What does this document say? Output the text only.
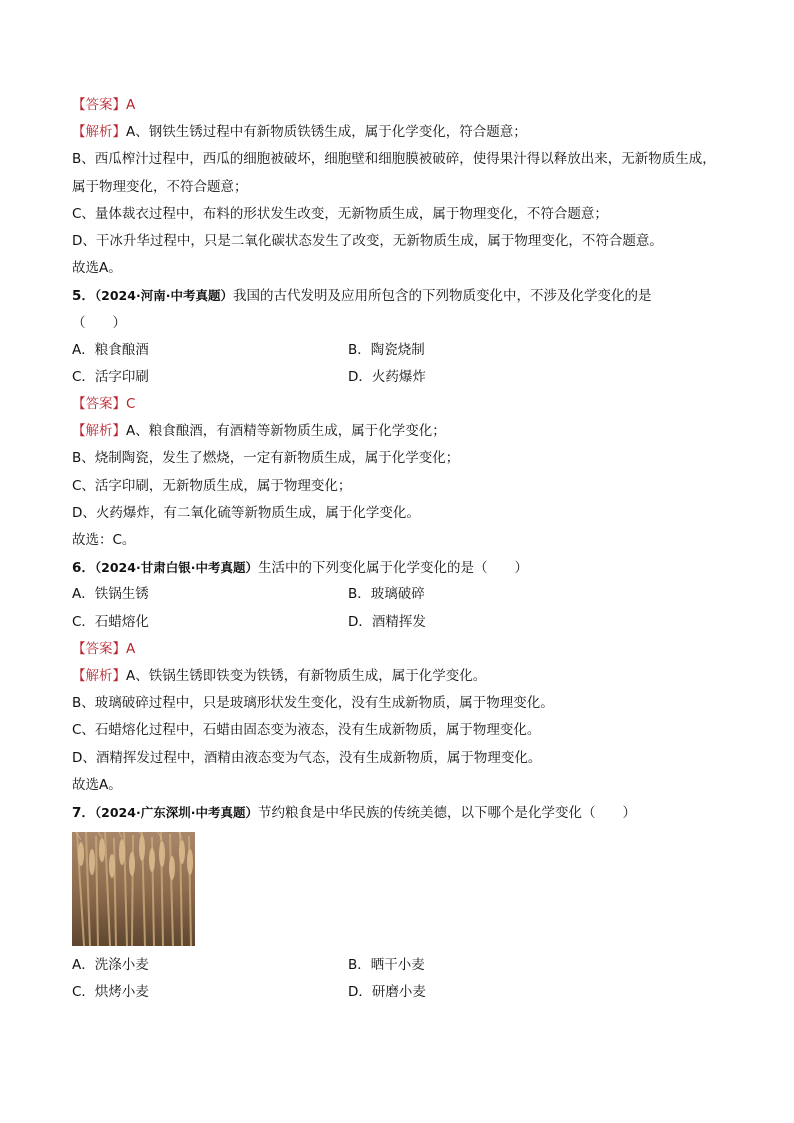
【答案】A
【解析】A、钢铁生锈过程中有新物质铁锈生成，属于化学变化，符合题意；
B、西瓜榨汁过程中，西瓜的细胞被破坏，细胞壁和细胞膜被破碎，使得果汁得以释放出来，无新物质生成，
属于物理变化，不符合题意；
C、量体裁衣过程中，布料的形状发生改变，无新物质生成，属于物理变化，不符合题意；
D、干冰升华过程中，只是二氧化碳状态发生了改变，无新物质生成，属于物理变化，不符合题意。
故选A。
5．（2024·河南·中考真题）我国的古代发明及应用所包含的下列物质变化中，不涉及化学变化的是
（　　）
A．粮食酿酒	B．陶瓷烧制
C．活字印刷	D．火药爆炸
【答案】C
【解析】A、粮食酿酒，有酒精等新物质生成，属于化学变化；
B、烧制陶瓷，发生了燃烧，一定有新物质生成，属于化学变化；
C、活字印刷，无新物质生成，属于物理变化；
D、火药爆炸，有二氧化硫等新物质生成，属于化学变化。
故选：C。
6．（2024·甘肃白银·中考真题）生活中的下列变化属于化学变化的是（　　）
A．铁锅生锈	B．玻璃破碎
C．石蜡熔化	D．酒精挥发
【答案】A
【解析】A、铁锅生锈即铁变为铁锈，有新物质生成，属于化学变化。
B、玻璃破碎过程中，只是玻璃形状发生变化，没有生成新物质，属于物理变化。
C、石蜡熔化过程中，石蜡由固态变为液态，没有生成新物质，属于物理变化。
D、酒精挥发过程中，酒精由液态变为气态，没有生成新物质，属于物理变化。
故选A。
7．（2024·广东深圳·中考真题）节约粮食是中华民族的传统美德，以下哪个是化学变化（　　）
A．洗涤小麦	B．晒干小麦
C．烘烤小麦	D．研磨小麦
